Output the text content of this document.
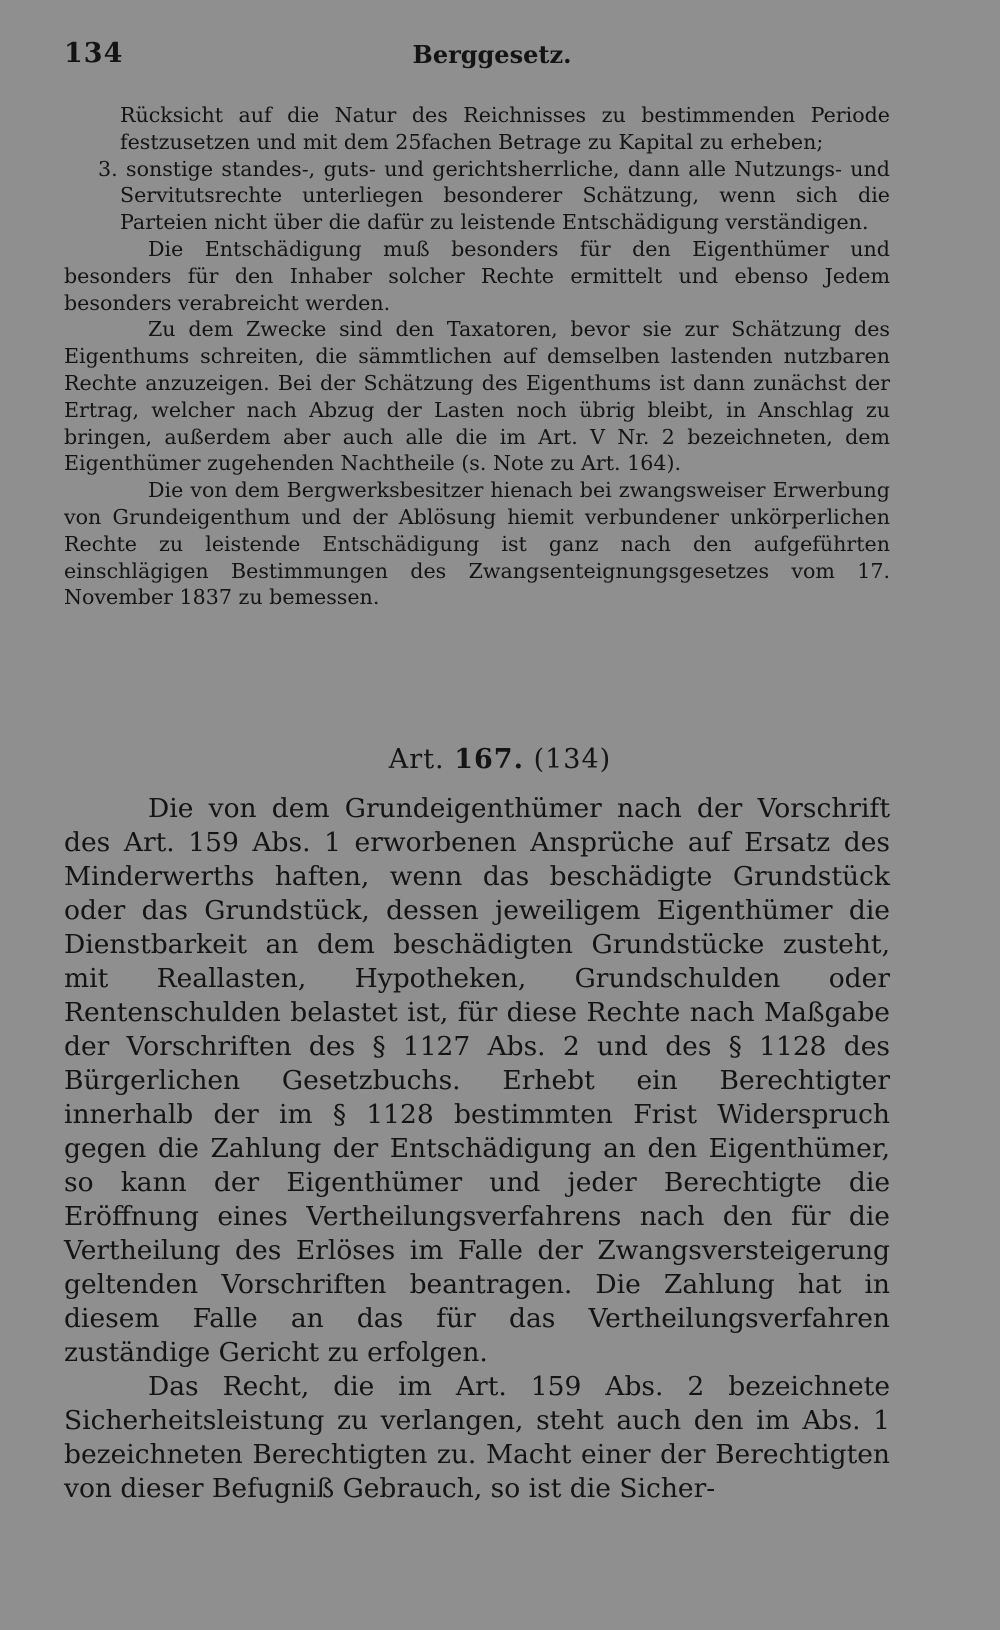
134	Berggesetz.

Rücksicht auf die Natur des Reichnisses zu bestimmenden Periode festzusetzen und mit dem 25fachen Betrage zu Kapital zu erheben;

3. sonstige standes-, guts- und gerichtsherrliche, dann alle Nutzungs- und Servitutsrechte unterliegen besonderer Schätzung, wenn sich die Parteien nicht über die dafür zu leistende Entschädigung verständigen.

Die Entschädigung muß besonders für den Eigenthümer und besonders für den Inhaber solcher Rechte ermittelt und ebenso Jedem besonders verabreicht werden.

Zu dem Zwecke sind den Taxatoren, bevor sie zur Schätzung des Eigenthums schreiten, die sämmtlichen auf demselben lastenden nutzbaren Rechte anzuzeigen. Bei der Schätzung des Eigenthums ist dann zunächst der Ertrag, welcher nach Abzug der Lasten noch übrig bleibt, in Anschlag zu bringen, außerdem aber auch alle die im Art. V Nr. 2 bezeichneten, dem Eigenthümer zugehenden Nachtheile (s. Note zu Art. 164).

Die von dem Bergwerksbesitzer hienach bei zwangsweiser Erwerbung von Grundeigenthum und der Ablösung hiemit verbundener unkörperlichen Rechte zu leistende Entschädigung ist ganz nach den aufgeführten einschlägigen Bestimmungen des Zwangsenteignungsgesetzes vom 17. November 1837 zu bemessen.

Art. 167. (134)

Die von dem Grundeigenthümer nach der Vorschrift des Art. 159 Abs. 1 erworbenen Ansprüche auf Ersatz des Minderwerths haften, wenn das beschädigte Grundstück oder das Grundstück, dessen jeweiligem Eigenthümer die Dienstbarkeit an dem beschädigten Grundstücke zusteht, mit Reallasten, Hypotheken, Grundschulden oder Rentenschulden belastet ist, für diese Rechte nach Maßgabe der Vorschriften des § 1127 Abs. 2 und des § 1128 des Bürgerlichen Gesetzbuchs. Erhebt ein Berechtigter innerhalb der im § 1128 bestimmten Frist Widerspruch gegen die Zahlung der Entschädigung an den Eigenthümer, so kann der Eigenthümer und jeder Berechtigte die Eröffnung eines Vertheilungsverfahrens nach den für die Vertheilung des Erlöses im Falle der Zwangsversteigerung geltenden Vorschriften beantragen. Die Zahlung hat in diesem Falle an das für das Vertheilungsverfahren zuständige Gericht zu erfolgen.

Das Recht, die im Art. 159 Abs. 2 bezeichnete Sicherheitsleistung zu verlangen, steht auch den im Abs. 1 bezeichneten Berechtigten zu. Macht einer der Berechtigten von dieser Befugniß Gebrauch, so ist die Sicher-
